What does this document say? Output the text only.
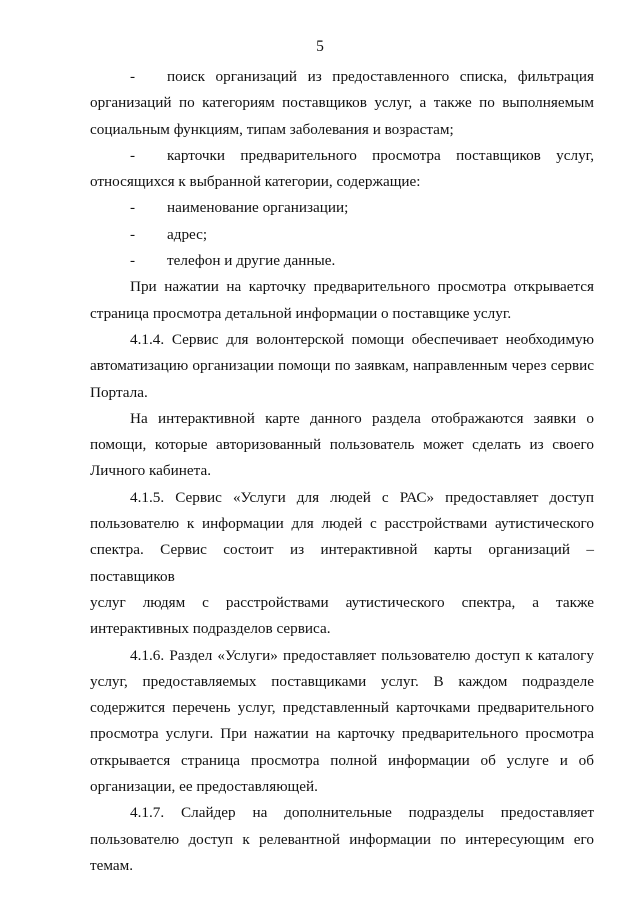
5
-	поиск организаций из предоставленного списка, фильтрация
организаций по категориям поставщиков услуг, а также по выполняемым
социальным функциям, типам заболевания и возрастам;
-	карточки предварительного просмотра поставщиков услуг,
относящихся к выбранной категории, содержащие:
-	наименование организации;
-	адрес;
-	телефон и другие данные.
При нажатии на карточку предварительного просмотра открывается
страница просмотра детальной информации о поставщике услуг.
4.1.4. Сервис для волонтерской помощи обеспечивает необходимую
автоматизацию организации помощи по заявкам, направленным через сервис
Портала.
На интерактивной карте данного раздела отображаются заявки о
помощи, которые авторизованный пользователь может сделать из своего
Личного кабинета.
4.1.5. Сервис «Услуги для людей с РАС» предоставляет доступ
пользователю к информации для людей с расстройствами аутистического
спектра. Сервис состоит из интерактивной карты организаций – поставщиков
услуг людям с расстройствами аутистического спектра, а также
интерактивных подразделов сервиса.
4.1.6. Раздел «Услуги» предоставляет пользователю доступ к каталогу
услуг, предоставляемых поставщиками услуг. В каждом подразделе
содержится перечень услуг, представленный карточками предварительного
просмотра услуги. При нажатии на карточку предварительного просмотра
открывается страница просмотра полной информации об услуге и об
организации, ее предоставляющей.
4.1.7. Слайдер на дополнительные подразделы предоставляет
пользователю доступ к релевантной информации по интересующим его
темам.
